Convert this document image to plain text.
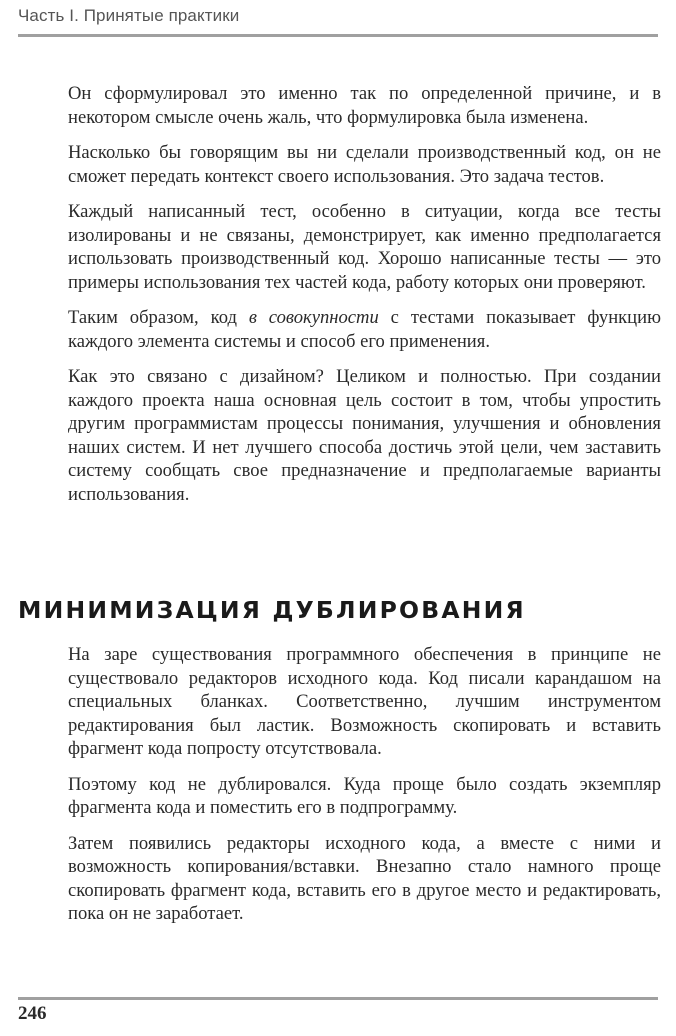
Часть I. Принятые практики

Он сформулировал это именно так по определенной причине, и в некотором смысле очень жаль, что формулировка была изменена.

Насколько бы говорящим вы ни сделали производственный код, он не сможет передать контекст своего использования. Это задача тестов.

Каждый написанный тест, особенно в ситуации, когда все тесты изолированы и не связаны, демонстрирует, как именно предполагается использовать производственный код. Хорошо написанные тесты — это примеры использования тех частей кода, работу которых они проверяют.

Таким образом, код в совокупности с тестами показывает функцию каждого элемента системы и способ его применения.

Как это связано с дизайном? Целиком и полностью. При создании каждого проекта наша основная цель состоит в том, чтобы упростить другим программистам процессы понимания, улучшения и обновления наших систем. И нет лучшего способа достичь этой цели, чем заставить систему сообщать свое предназначение и предполагаемые варианты использования.

МИНИМИЗАЦИЯ ДУБЛИРОВАНИЯ

На заре существования программного обеспечения в принципе не существовало редакторов исходного кода. Код писали карандашом на специальных бланках. Соответственно, лучшим инструментом редактирования был ластик. Возможность скопировать и вставить фрагмент кода попросту отсутствовала.

Поэтому код не дублировался. Куда проще было создать экземпляр фрагмента кода и поместить его в подпрограмму.

Затем появились редакторы исходного кода, а вместе с ними и возможность копирования/вставки. Внезапно стало намного проще скопировать фрагмент кода, вставить его в другое место и редактировать, пока он не заработает.

246
